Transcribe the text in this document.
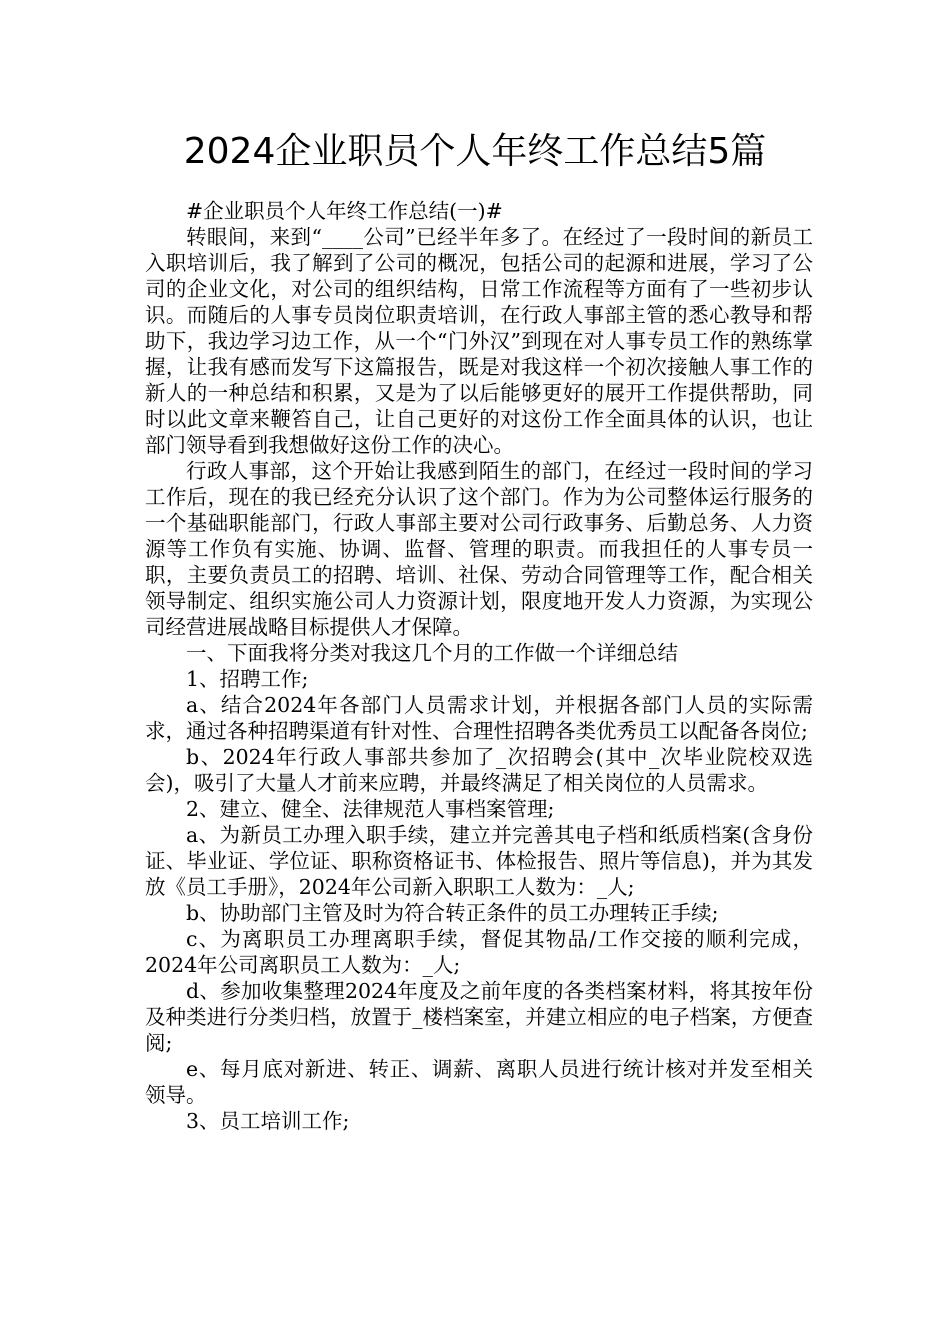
2024企业职员个人年终工作总结5篇

#企业职员个人年终工作总结(一)#

转眼间，来到“____公司”已经半年多了。在经过了一段时间的新员工入职培训后，我了解到了公司的概况，包括公司的起源和进展，学习了公司的企业文化，对公司的组织结构，日常工作流程等方面有了一些初步认识。而随后的人事专员岗位职责培训，在行政人事部主管的悉心教导和帮助下，我边学习边工作，从一个“门外汉”到现在对人事专员工作的熟练掌握，让我有感而发写下这篇报告，既是对我这样一个初次接触人事工作的新人的一种总结和积累，又是为了以后能够更好的展开工作提供帮助，同时以此文章来鞭笞自己，让自己更好的对这份工作全面具体的认识，也让部门领导看到我想做好这份工作的决心。

行政人事部，这个开始让我感到陌生的部门，在经过一段时间的学习工作后，现在的我已经充分认识了这个部门。作为为公司整体运行服务的一个基础职能部门，行政人事部主要对公司行政事务、后勤总务、人力资源等工作负有实施、协调、监督、管理的职责。而我担任的人事专员一职，主要负责员工的招聘、培训、社保、劳动合同管理等工作，配合相关领导制定、组织实施公司人力资源计划，限度地开发人力资源，为实现公司经营进展战略目标提供人才保障。

一、下面我将分类对我这几个月的工作做一个详细总结

1、招聘工作;

a、结合2024年各部门人员需求计划，并根据各部门人员的实际需求，通过各种招聘渠道有针对性、合理性招聘各类优秀员工以配备各岗位;

b、2024年行政人事部共参加了_次招聘会(其中_次毕业院校双选会)，吸引了大量人才前来应聘，并最终满足了相关岗位的人员需求。

2、建立、健全、法律规范人事档案管理;

a、为新员工办理入职手续，建立并完善其电子档和纸质档案(含身份证、毕业证、学位证、职称资格证书、体检报告、照片等信息)，并为其发放《员工手册》，2024年公司新入职职工人数为：_人;

b、协助部门主管及时为符合转正条件的员工办理转正手续;

c、为离职员工办理离职手续，督促其物品/工作交接的顺利完成，2024年公司离职员工人数为：_人;

d、参加收集整理2024年度及之前年度的各类档案材料，将其按年份及种类进行分类归档，放置于_楼档案室，并建立相应的电子档案，方便查阅;

e、每月底对新进、转正、调薪、离职人员进行统计核对并发至相关领导。

3、员工培训工作;
